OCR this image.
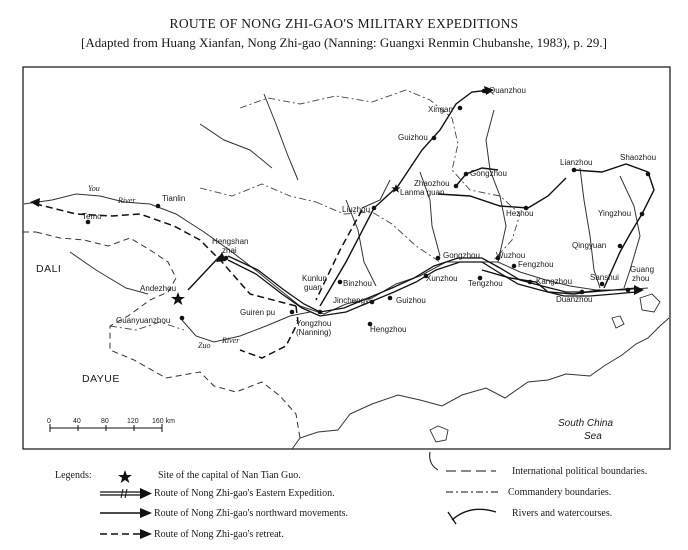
ROUTE OF NONG ZHI-GAO'S MILITARY EXPEDITIONS
[Adapted from Huang Xianfan, Nong Zhi-gao (Nanning: Guangxi Renmin Chubanshe, 1983), p. 29.]
DALI
DAYUE
South China
Sea
You
River
Zuo
River
Quanzhou
Xingan
Guizhou
Gongzhou
Lianzhou
Shaozhou
Zhaozhou
Lanma guan
Tianlin
Liuzhou	Hezhou	Yingzhou
Temo
Hengshan
zhai
Qingyuan
Gongzhou Wuzhou
Fengzhou
Xunzhou
Tengzhou	Kangzhou Sanshui
Guang
zhou
Duanzhou
Kunlun
guan	Binzhou
Andezhou
Jinchengyi	Guizhou
Guiren pu
Guanyuanzhou	Yongzhou
(Nanning)	Hengzhou
0	40	80	120 160 km
Legends:	Site of the capital of Nan Tian Guo.
Route of Nong Zhi-gao's Eastern Expedition.
Route of Nong Zhi-gao's northward movements.
Route of Nong Zhi-gao's retreat.
International political boundaries.
Commandery boundaries.
Rivers and watercourses.
